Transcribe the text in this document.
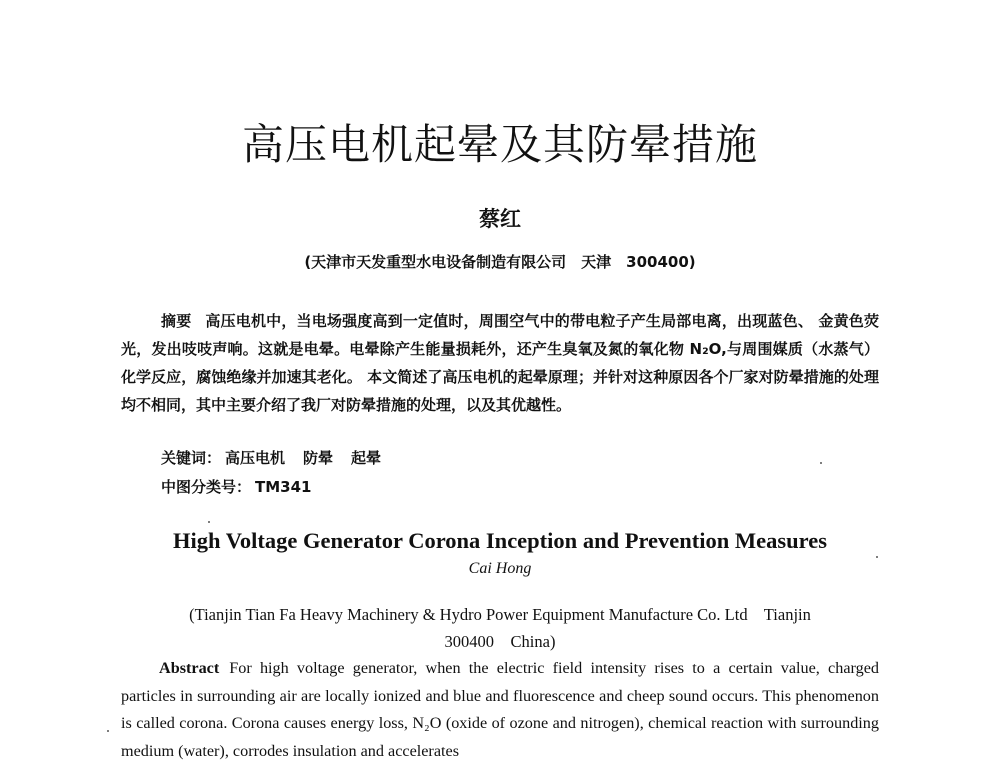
高压电机起晕及其防晕措施
蔡红
(天津市天发重型水电设备制造有限公司　天津　300400)
摘要 高压电机中，当电场强度高到一定值时，周围空气中的带电粒子产生局部电离，出现蓝色、 金黄色荧光，发出吱吱声响。这就是电晕。电晕除产生能量损耗外，还产生臭氧及氮的氧化物 N₂O,与周围媒质（水蒸气）化学反应，腐蚀绝缘并加速其老化。 本文简述了高压电机的起晕原理；并针对这种原因各个厂家对防晕措施的处理均不相同，其中主要介绍了我厂对防晕措施的处理，以及其优越性。
关键词： 高压电机 防晕 起晕
中图分类号： TM341
High Voltage Generator Corona Inception and Prevention Measures
Cai Hong
(Tianjin Tian Fa Heavy Machinery & Hydro Power Equipment Manufacture Co. Ltd    Tianjin
300400    China)
Abstract For high voltage generator, when the electric field intensity rises to a certain value, charged particles in surrounding air are locally ionized and blue and fluorescence and cheep sound occurs. This phenomenon is called corona. Corona causes energy loss, N₂O (oxide of ozone and nitrogen), chemical reaction with surrounding medium (water), corrodes insulation and accelerates
